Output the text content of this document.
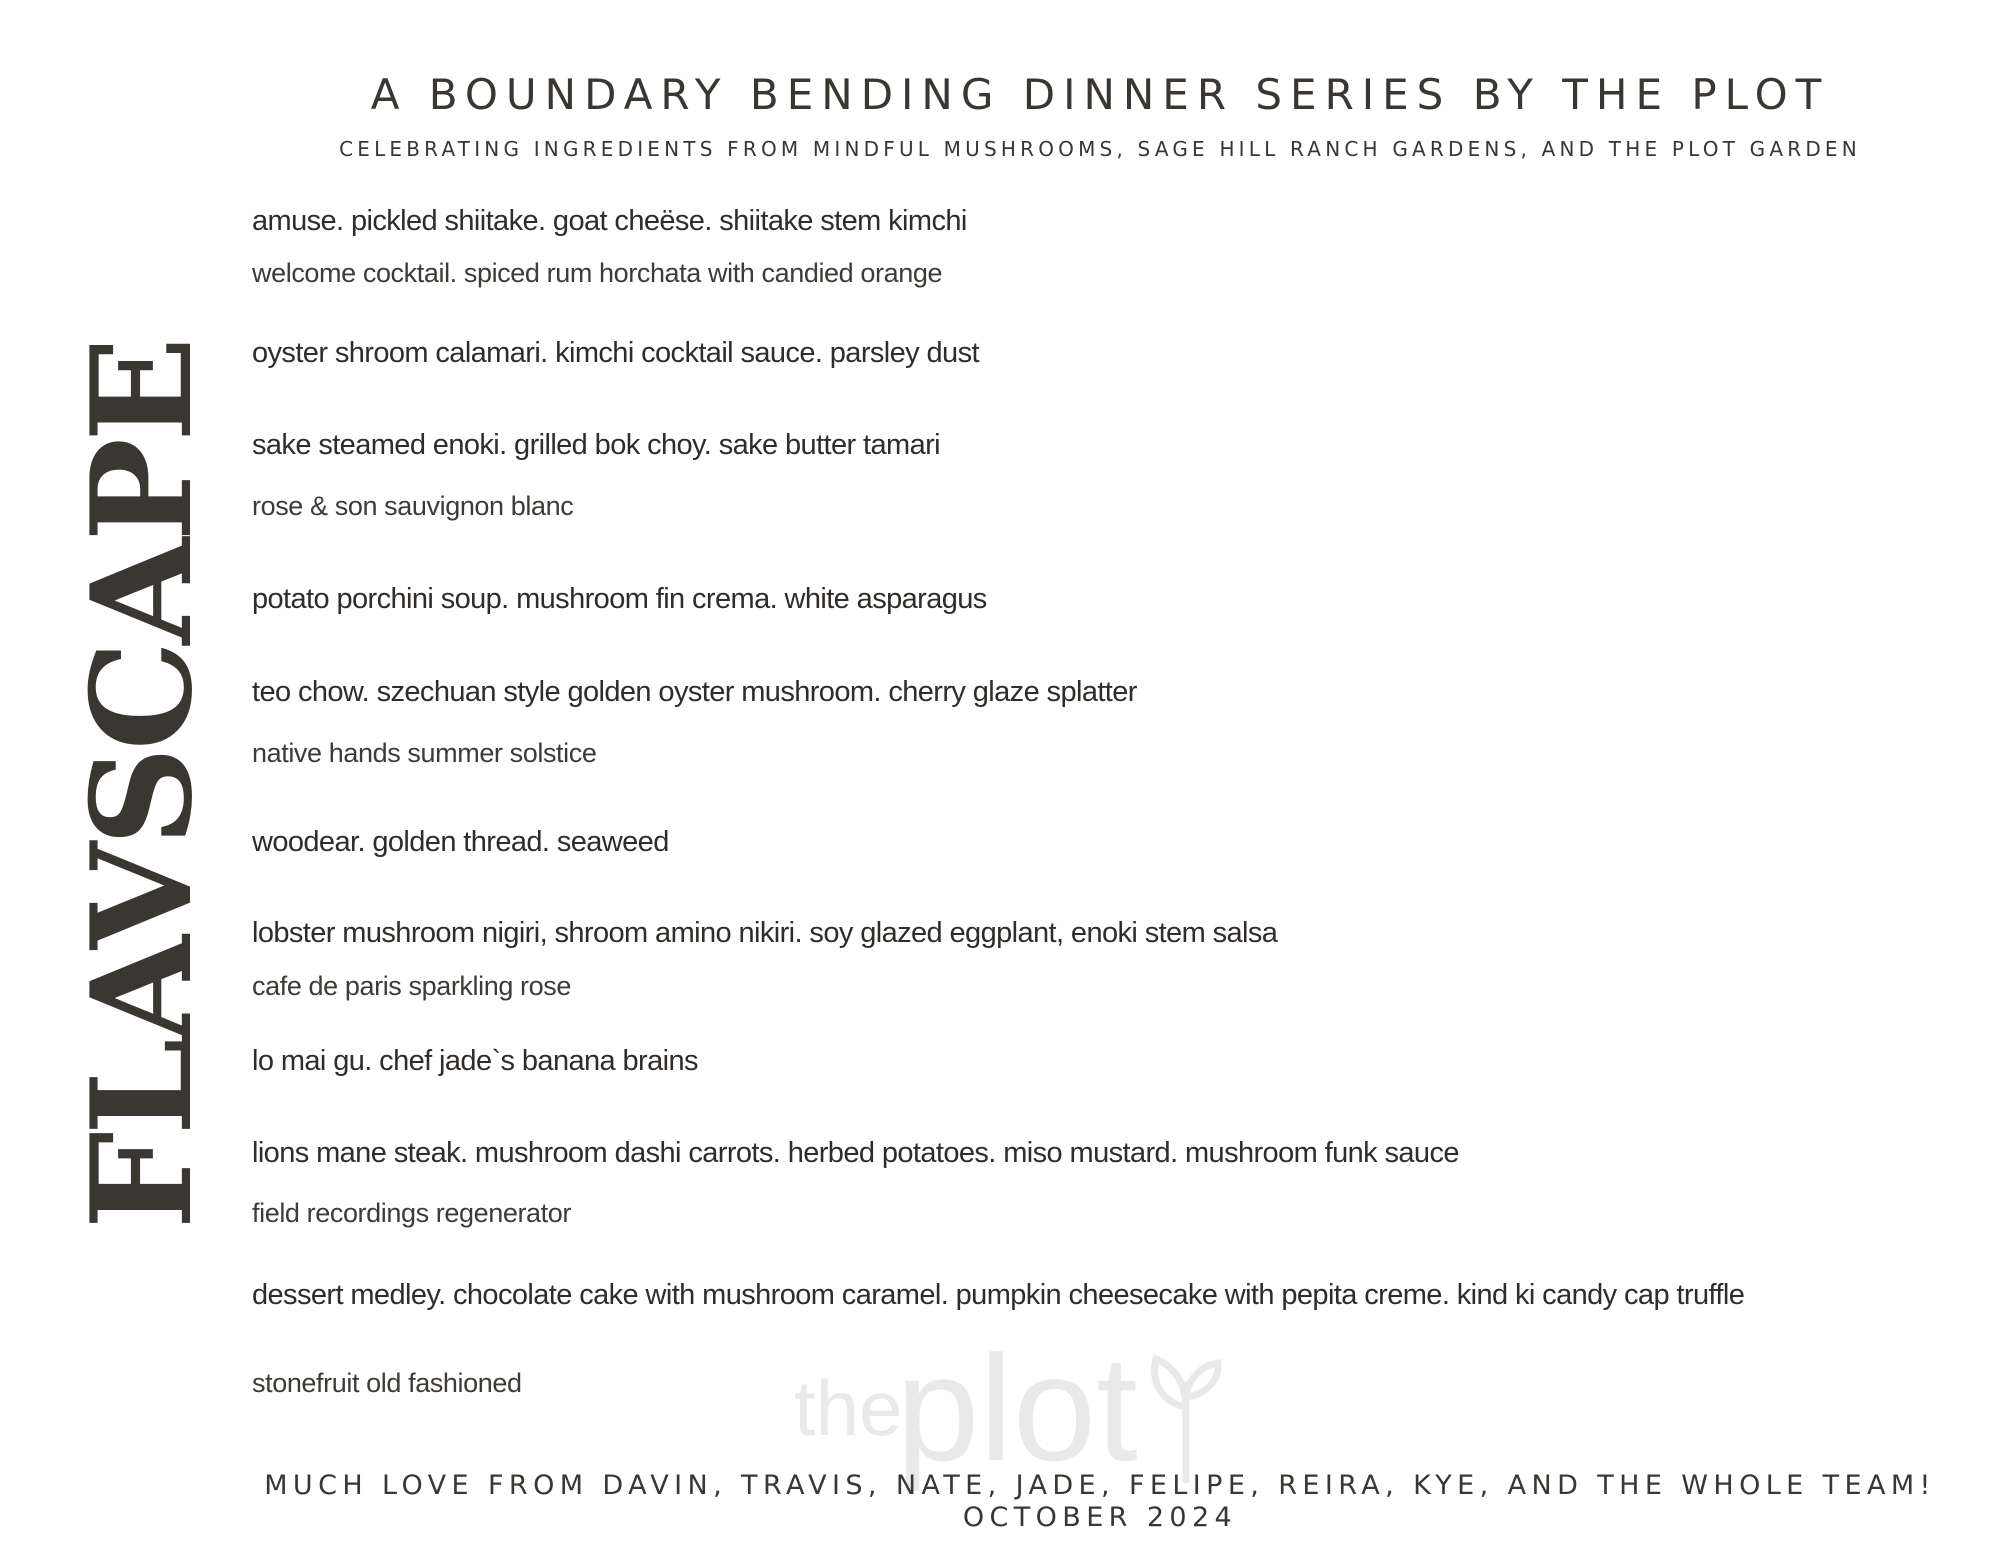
FLAVSCAPE
A BOUNDARY BENDING DINNER SERIES BY THE PLOT
CELEBRATING INGREDIENTS FROM MINDFUL MUSHROOMS, SAGE HILL RANCH GARDENS, AND THE PLOT GARDEN
amuse. pickled shiitake. goat cheëse. shiitake stem kimchi
welcome cocktail. spiced rum horchata with candied orange
oyster shroom calamari. kimchi cocktail sauce. parsley dust
sake steamed enoki. grilled bok choy. sake butter tamari
rose & son sauvignon blanc
potato porchini soup. mushroom fin crema. white asparagus
teo chow. szechuan style golden oyster mushroom. cherry glaze splatter
native hands summer solstice
woodear. golden thread. seaweed
lobster mushroom nigiri, shroom amino nikiri. soy glazed eggplant, enoki stem salsa
cafe de paris sparkling rose
lo mai gu. chef jade`s banana brains
lions mane steak. mushroom dashi carrots. herbed potatoes. miso mustard. mushroom funk sauce
field recordings regenerator
dessert medley. chocolate cake with mushroom caramel. pumpkin cheesecake with pepita creme. kind ki candy cap truffle
stonefruit old fashioned	the
plot
MUCH LOVE FROM DAVIN, TRAVIS, NATE, JADE, FELIPE, REIRA, KYE, AND THE WHOLE TEAM!
OCTOBER 2024
